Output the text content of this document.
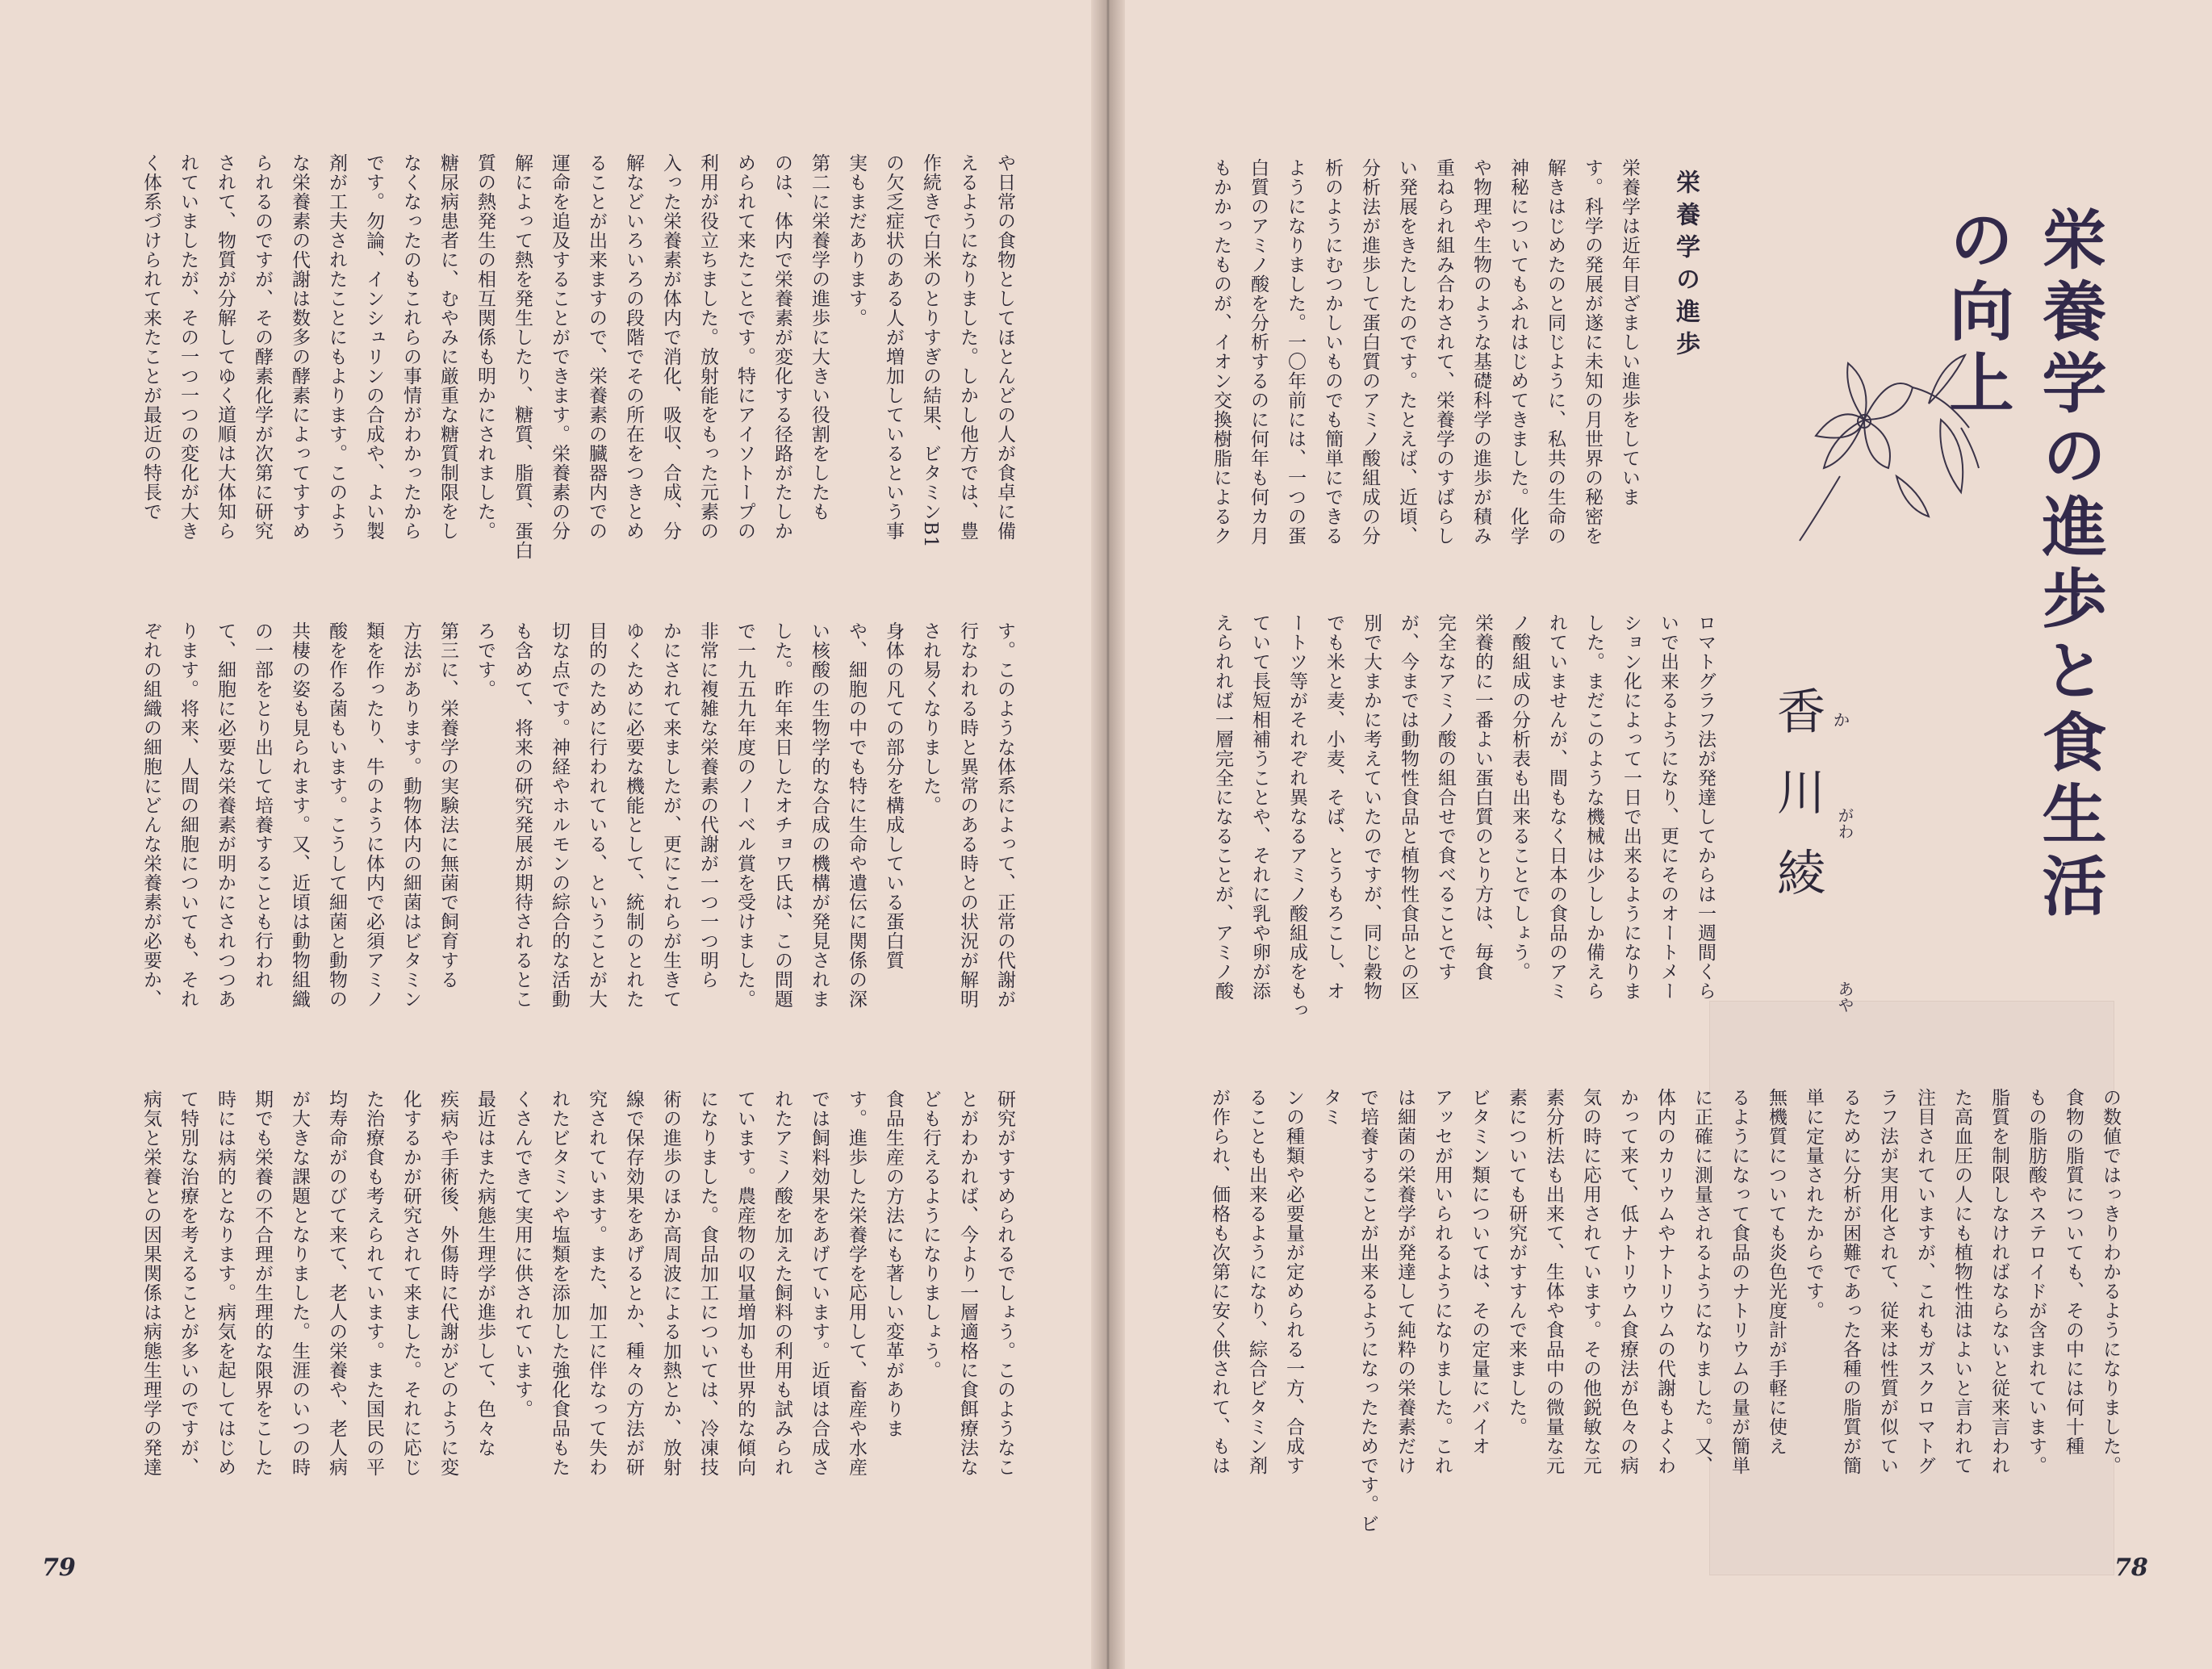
栄養学の進歩と食生活の向上
香川綾
か
がわ
あや
栄養学の進歩
栄養学は近年目ざましい進歩をしていま
す。科学の発展が遂に未知の月世界の秘密を
解きはじめたのと同じように、私共の生命の
神秘についてもふれはじめてきました。化学
や物理や生物のような基礎科学の進歩が積み
重ねられ組み合わされて、栄養学のすばらし
い発展をきたしたのです。たとえば、近頃、
分析法が進歩して蛋白質のアミノ酸組成の分
析のようにむつかしいものでも簡単にできる
ようになりました。一〇年前には、一つの蛋
白質のアミノ酸を分析するのに何年も何カ月
もかかったものが、イオン交換樹脂によるク
ロマトグラフ法が発達してからは一週間くら
いで出来るようになり、更にそのオートメー
ション化によって一日で出来るようになりま
した。まだこのような機械は少ししか備えら
れていませんが、間もなく日本の食品のアミ
ノ酸組成の分析表も出来ることでしょう。
栄養的に一番よい蛋白質のとり方は、毎食
完全なアミノ酸の組合せで食べることです
が、今までは動物性食品と植物性食品との区
別で大まかに考えていたのですが、同じ穀物
でも米と麦、小麦、そば、とうもろこし、オ
ートツ等がそれぞれ異なるアミノ酸組成をもっ
ていて長短相補うことや、それに乳や卵が添
えられれば一層完全になることが、アミノ酸
の数値ではっきりわかるようになりました。
食物の脂質についても、その中には何十種
もの脂肪酸やステロイドが含まれています。
脂質を制限しなければならないと従来言われ
た高血圧の人にも植物性油はよいと言われて
注目されていますが、これもガスクロマトグ
ラフ法が実用化されて、従来は性質が似てい
るために分析が困難であった各種の脂質が簡
単に定量されたからです。
無機質についても炎色光度計が手軽に使え
るようになって食品のナトリウムの量が簡単
に正確に測量されるようになりました。又、
体内のカリウムやナトリウムの代謝もよくわ
かって来て、低ナトリウム食療法が色々の病
気の時に応用されています。その他鋭敏な元
素分析法も出来て、生体や食品中の微量な元
素についても研究がすすんで来ました。
ビタミン類については、その定量にバイオ
アッセが用いられるようになりました。これ
は細菌の栄養学が発達して純粋の栄養素だけ
で培養することが出来るようになったためです。ビタミ
ンの種類や必要量が定められる一方、合成す
ることも出来るようになり、綜合ビタミン剤
が作られ、価格も次第に安く供されて、もは
や日常の食物としてほとんどの人が食卓に備
えるようになりました。しかし他方では、豊
作続きで白米のとりすぎの結果、ビタミンB1
の欠乏症状のある人が増加しているという事
実もまだあります。
第二に栄養学の進歩に大きい役割をしたも
のは、体内で栄養素が変化する径路がたしか
められて来たことです。特にアイソトープの
利用が役立ちました。放射能をもった元素の
入った栄養素が体内で消化、吸収、合成、分
解などいろいろの段階でその所在をつきとめ
ることが出来ますので、栄養素の臓器内での
運命を追及することができます。栄養素の分
解によって熱を発生したり、糖質、脂質、蛋白
質の熱発生の相互関係も明かにされました。
糖尿病患者に、むやみに厳重な糖質制限をし
なくなったのもこれらの事情がわかったから
です。勿論、インシュリンの合成や、よい製
剤が工夫されたことにもよります。このよう
な栄養素の代謝は数多の酵素によってすすめ
られるのですが、その酵素化学が次第に研究
されて、物質が分解してゆく道順は大体知ら
れていましたが、その一つ一つの変化が大き
く体系づけられて来たことが最近の特長で
す。このような体系によって、正常の代謝が
行なわれる時と異常のある時との状況が解明
され易くなりました。
身体の凡ての部分を構成している蛋白質
や、細胞の中でも特に生命や遺伝に関係の深
い核酸の生物学的な合成の機構が発見されま
した。昨年来日したオチョワ氏は、この問題
で一九五九年度のノーベル賞を受けました。
非常に複雑な栄養素の代謝が一つ一つ明ら
かにされて来ましたが、更にこれらが生きて
ゆくために必要な機能として、統制のとれた
目的のために行われている、ということが大
切な点です。神経やホルモンの綜合的な活動
も含めて、将来の研究発展が期待されるとこ
ろです。
第三に、栄養学の実験法に無菌で飼育する
方法があります。動物体内の細菌はビタミン
類を作ったり、牛のように体内で必須アミノ
酸を作る菌もいます。こうして細菌と動物の
共棲の姿も見られます。又、近頃は動物組織
の一部をとり出して培養することも行われ
て、細胞に必要な栄養素が明かにされつつあ
ります。将来、人間の細胞についても、それ
ぞれの組織の細胞にどんな栄養素が必要か、
研究がすすめられるでしょう。このようなこ
とがわかれば、今より一層適格に食餌療法な
ども行えるようになりましょう。
食品生産の方法にも著しい変革がありま
す。進歩した栄養学を応用して、畜産や水産
では飼料効果をあげています。近頃は合成さ
れたアミノ酸を加えた飼料の利用も試みられ
ています。農産物の収量増加も世界的な傾向
になりました。食品加工については、冷凍技
術の進歩のほか高周波による加熱とか、放射
線で保存効果をあげるとか、種々の方法が研
究されています。また、加工に伴なって失わ
れたビタミンや塩類を添加した強化食品もた
くさんできて実用に供されています。
最近はまた病態生理学が進歩して、色々な
疾病や手術後、外傷時に代謝がどのように変
化するかが研究されて来ました。それに応じ
た治療食も考えられています。また国民の平
均寿命がのびて来て、老人の栄養や、老人病
が大きな課題となりました。生涯のいつの時
期でも栄養の不合理が生理的な限界をこした
時には病的となります。病気を起してはじめ
て特別な治療を考えることが多いのですが、
病気と栄養との因果関係は病態生理学の発達
79	78
